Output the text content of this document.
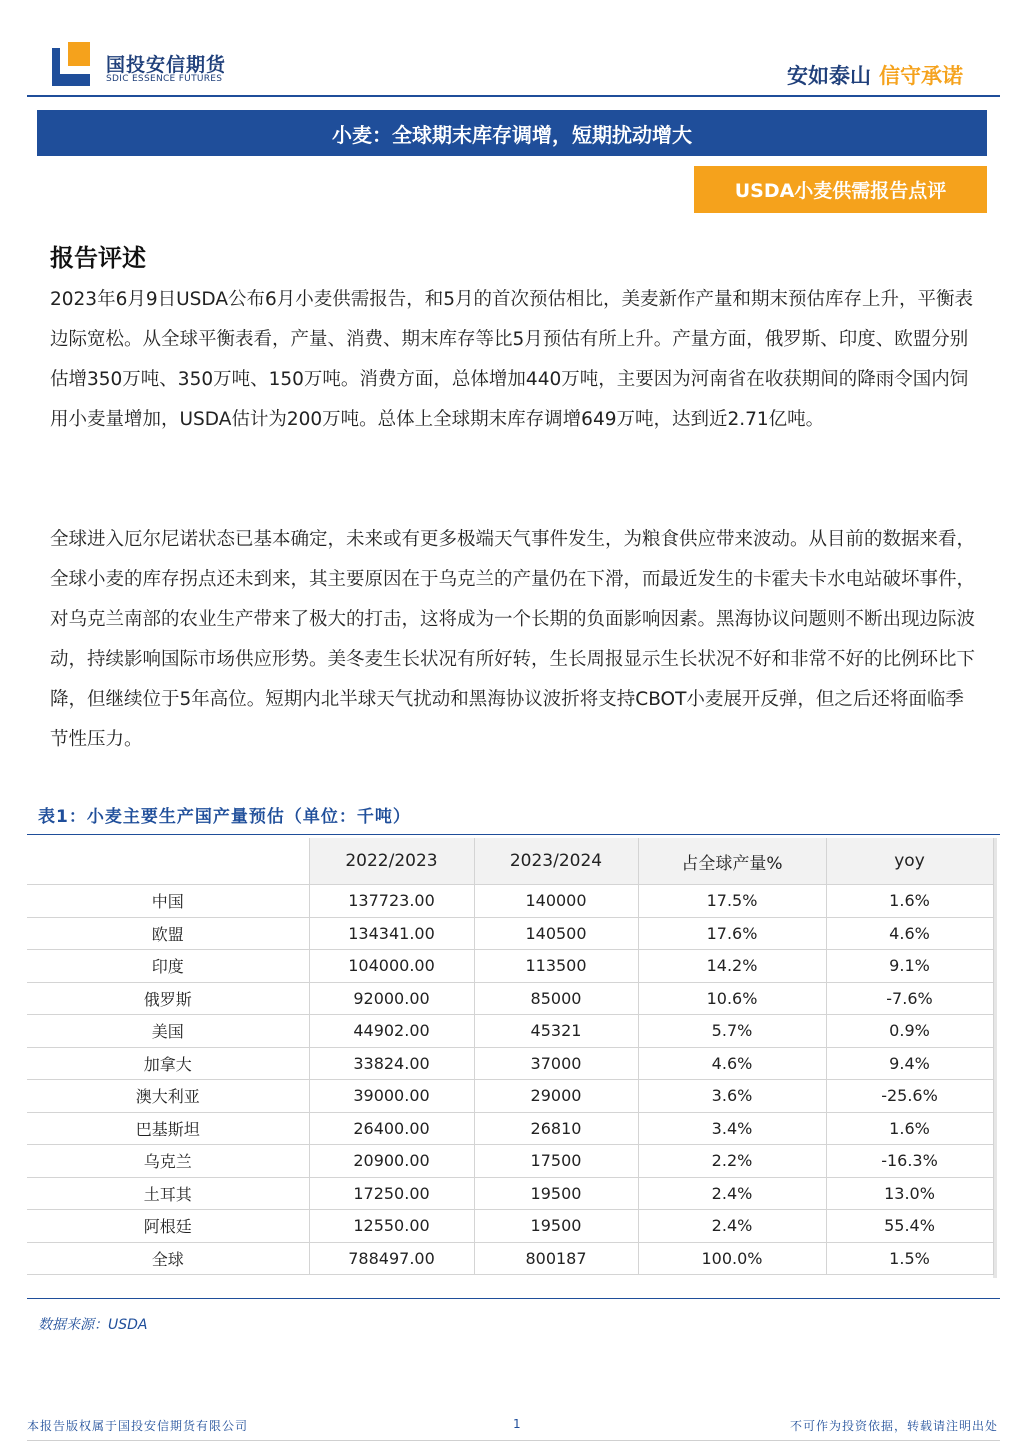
国投安信期货
SDIC ESSENCE FUTURES	安如泰山 信守承诺
小麦：全球期末库存调增，短期扰动增大
USDA小麦供需报告点评
报告评述

2023年6月9日USDA公布6月小麦供需报告，和5月的首次预估相比，美麦新作产量和期末预估库存上升，平衡表边际宽松。从全球平衡表看，产量、消费、期末库存等比5月预估有所上升。产量方面，俄罗斯、印度、欧盟分别估增350万吨、350万吨、150万吨。消费方面，总体增加440万吨，主要因为河南省在收获期间的降雨令国内饲用小麦量增加，USDA估计为200万吨。总体上全球期末库存调增649万吨，达到近2.71亿吨。

全球进入厄尔尼诺状态已基本确定，未来或有更多极端天气事件发生，为粮食供应带来波动。从目前的数据来看，全球小麦的库存拐点还未到来，其主要原因在于乌克兰的产量仍在下滑，而最近发生的卡霍夫卡水电站破坏事件，对乌克兰南部的农业生产带来了极大的打击，这将成为一个长期的负面影响因素。黑海协议问题则不断出现边际波动，持续影响国际市场供应形势。美冬麦生长状况有所好转，生长周报显示生长状况不好和非常不好的比例环比下降，但继续位于5年高位。短期内北半球天气扰动和黑海协议波折将支持CBOT小麦展开反弹，但之后还将面临季节性压力。

表1：小麦主要生产国产量预估（单位：千吨）
	2022/2023	2023/2024	占全球产量%	yoy
中国	137723.00	140000	17.5%	1.6%
欧盟	134341.00	140500	17.6%	4.6%
印度	104000.00	113500	14.2%	9.1%
俄罗斯	92000.00	85000	10.6%	-7.6%
美国	44902.00	45321	5.7%	0.9%
加拿大	33824.00	37000	4.6%	9.4%
澳大利亚	39000.00	29000	3.6%	-25.6%
巴基斯坦	26400.00	26810	3.4%	1.6%
乌克兰	20900.00	17500	2.2%	-16.3%
土耳其	17250.00	19500	2.4%	13.0%
阿根廷	12550.00	19500	2.4%	55.4%
全球	788497.00	800187	100.0%	1.5%
数据来源：USDA
本报告版权属于国投安信期货有限公司	1	不可作为投资依据，转载请注明出处
